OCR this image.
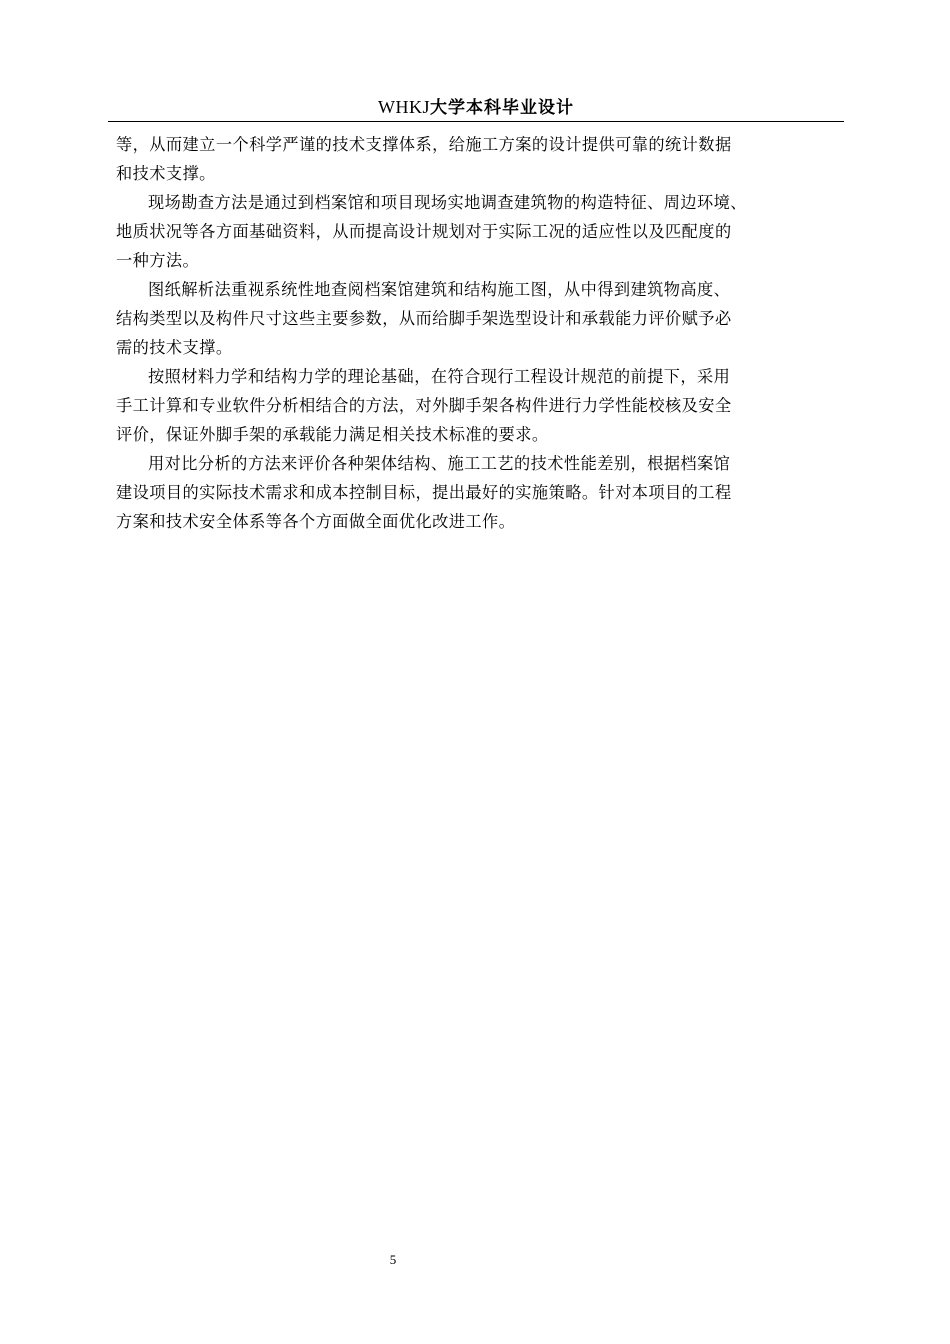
WHKJ大学本科毕业设计
等，从而建立一个科学严谨的技术支撑体系，给施工方案的设计提供可靠的统计数据
和技术支撑。
现场勘查方法是通过到档案馆和项目现场实地调查建筑物的构造特征、周边环境、
地质状况等各方面基础资料，从而提高设计规划对于实际工况的适应性以及匹配度的
一种方法。
图纸解析法重视系统性地查阅档案馆建筑和结构施工图，从中得到建筑物高度、
结构类型以及构件尺寸这些主要参数，从而给脚手架选型设计和承载能力评价赋予必
需的技术支撑。
按照材料力学和结构力学的理论基础，在符合现行工程设计规范的前提下，采用
手工计算和专业软件分析相结合的方法，对外脚手架各构件进行力学性能校核及安全
评价，保证外脚手架的承载能力满足相关技术标准的要求。
用对比分析的方法来评价各种架体结构、施工工艺的技术性能差别，根据档案馆
建设项目的实际技术需求和成本控制目标，提出最好的实施策略。针对本项目的工程
方案和技术安全体系等各个方面做全面优化改进工作。
5
